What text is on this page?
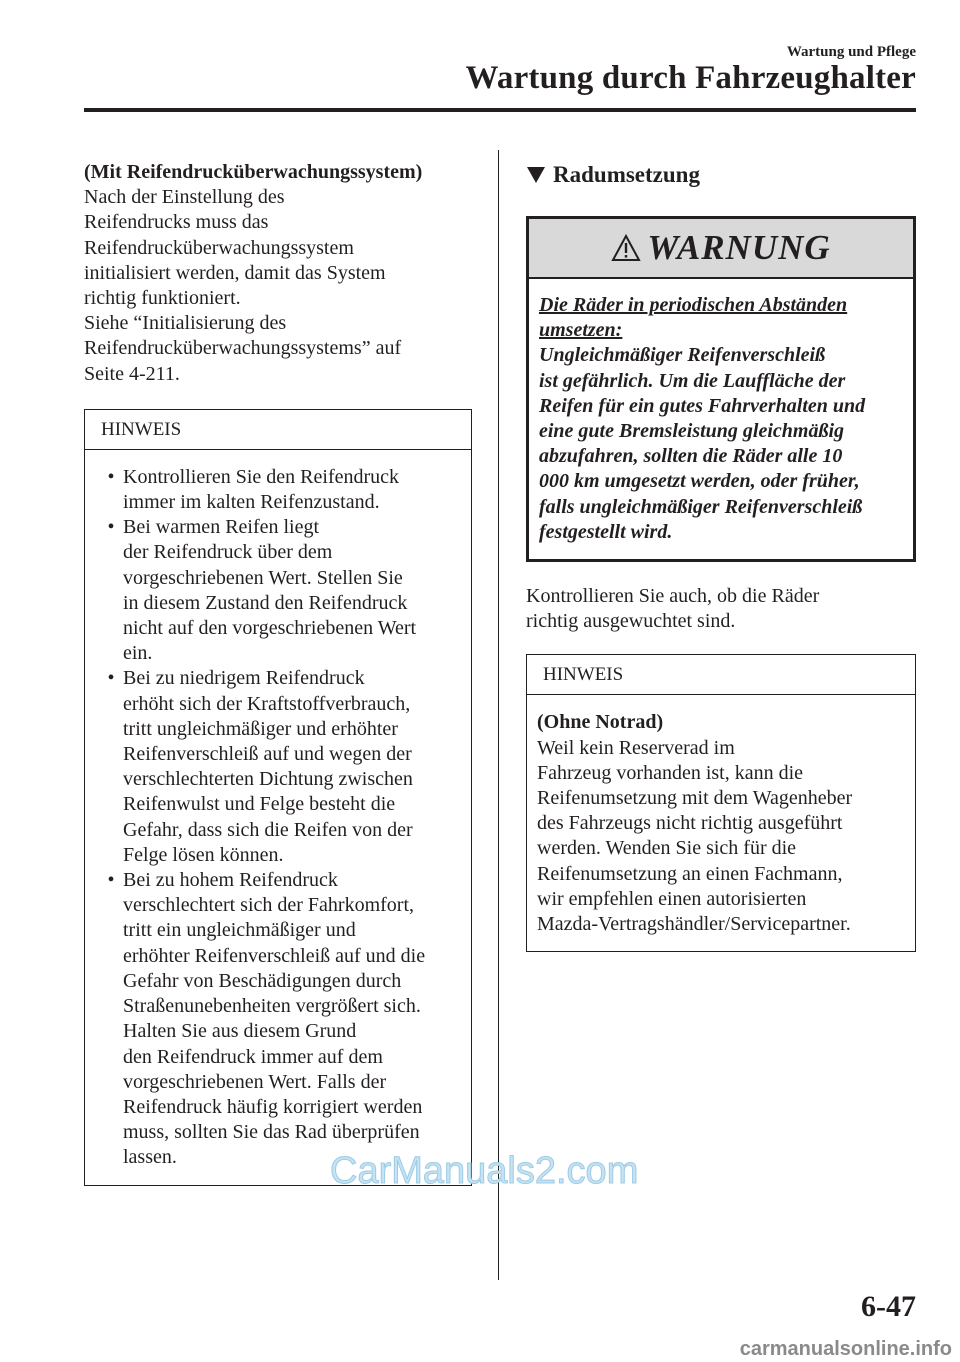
Wartung und Pflege
Wartung durch Fahrzeughalter

(Mit Reifendrucküberwachungssystem)

Nach der Einstellung des

Reifendrucks muss das

Reifendrucküberwachungssystem

initialisiert werden, damit das System

richtig funktioniert.

Siehe “Initialisierung des

Reifendrucküberwachungssystems” auf

Seite 4-211.

HINWEIS
• Kontrollieren Sie den Reifendruck

immer im kalten Reifenzustand.

• Bei warmen Reifen liegt

der Reifendruck über dem

vorgeschriebenen Wert. Stellen Sie

in diesem Zustand den Reifendruck

nicht auf den vorgeschriebenen Wert

ein.

• Bei zu niedrigem Reifendruck

erhöht sich der Kraftstoffverbrauch,

tritt ungleichmäßiger und erhöhter

Reifenverschleiß auf und wegen der

verschlechterten Dichtung zwischen

Reifenwulst und Felge besteht die

Gefahr, dass sich die Reifen von der

Felge lösen können.

• Bei zu hohem Reifendruck

verschlechtert sich der Fahrkomfort,

tritt ein ungleichmäßiger und

erhöhter Reifenverschleiß auf und die

Gefahr von Beschädigungen durch

Straßenunebenheiten vergrößert sich.

Halten Sie aus diesem Grund

den Reifendruck immer auf dem

vorgeschriebenen Wert. Falls der

Reifendruck häufig korrigiert werden

muss, sollten Sie das Rad überprüfen

lassen.

Radumsetzung
WARNUNG
Die Räder in periodischen Abständen
umsetzen:

Ungleichmäßiger Reifenverschleiß

ist gefährlich. Um die Lauffläche der

Reifen für ein gutes Fahrverhalten und

eine gute Bremsleistung gleichmäßig

abzufahren, sollten die Räder alle 10

000 km umgesetzt werden, oder früher,

falls ungleichmäßiger Reifenverschleiß

festgestellt wird.

Kontrollieren Sie auch, ob die Räder

richtig ausgewuchtet sind.

HINWEIS

(Ohne Notrad)

Weil kein Reserverad im

Fahrzeug vorhanden ist, kann die

Reifenumsetzung mit dem Wagenheber

des Fahrzeugs nicht richtig ausgeführt

werden. Wenden Sie sich für die

Reifenumsetzung an einen Fachmann,

wir empfehlen einen autorisierten

Mazda-Vertragshändler/Servicepartner.

CarManuals2.com
6-47
carmanualsonline.info
